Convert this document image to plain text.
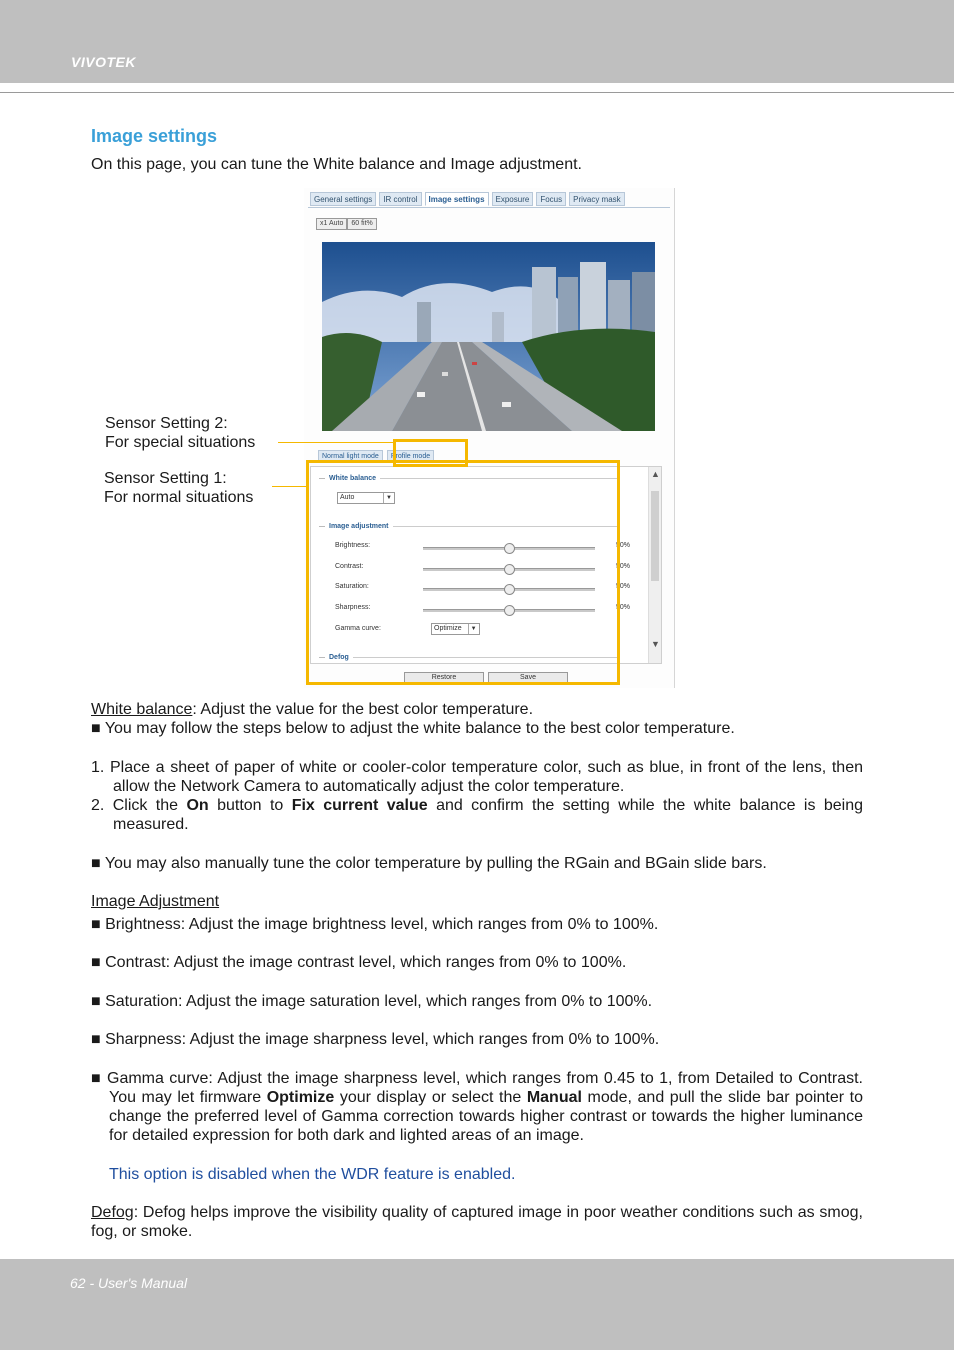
VIVOTEK
Image settings
On this page, you can tune the White balance and Image adjustment.
General settings	IR control	Image settings	Exposure	Focus	Privacy mask
x1 Auto	60 fit%
Normal light mode	Profile mode
White balance
Auto	▼
Image adjustment
Brightness:	50%
Contrast:	50%
Saturation:	50%
Sharpness:	50%
Gamma curve:	Optimize ▼
Defog
▲
▼
Restore	Save
Sensor Setting 2:
For special situations
Sensor Setting 1:
For normal situations
White balance: Adjust the value for the best color temperature.
■ You may follow the steps below to adjust the white balance to the best color temperature.
1. Place a sheet of paper of white or cooler-color temperature color, such as blue, in front of the lens, then allow the Network Camera to automatically adjust the color temperature.
2. Click the On button to Fix current value and confirm the setting while the white balance is being measured.
■ You may also manually tune the color temperature by pulling the RGain and BGain slide bars.
Image Adjustment
■ Brightness: Adjust the image brightness level, which ranges from 0% to 100%.
■ Contrast: Adjust the image contrast level, which ranges from 0% to 100%.
■ Saturation: Adjust the image saturation level, which ranges from 0% to 100%.
■ Sharpness: Adjust the image sharpness level, which ranges from 0% to 100%.
■ Gamma curve: Adjust the image sharpness level, which ranges from 0.45 to 1, from Detailed to Contrast. You may let firmware Optimize your display or select the Manual mode, and pull the slide bar pointer to change the preferred level of Gamma correction towards higher contrast or towards the higher luminance for detailed expression for both dark and lighted areas of an image.
This option is disabled when the WDR feature is enabled.
Defog: Defog helps improve the visibility quality of captured image in poor weather conditions such as smog, fog, or smoke.
62 - User's Manual
